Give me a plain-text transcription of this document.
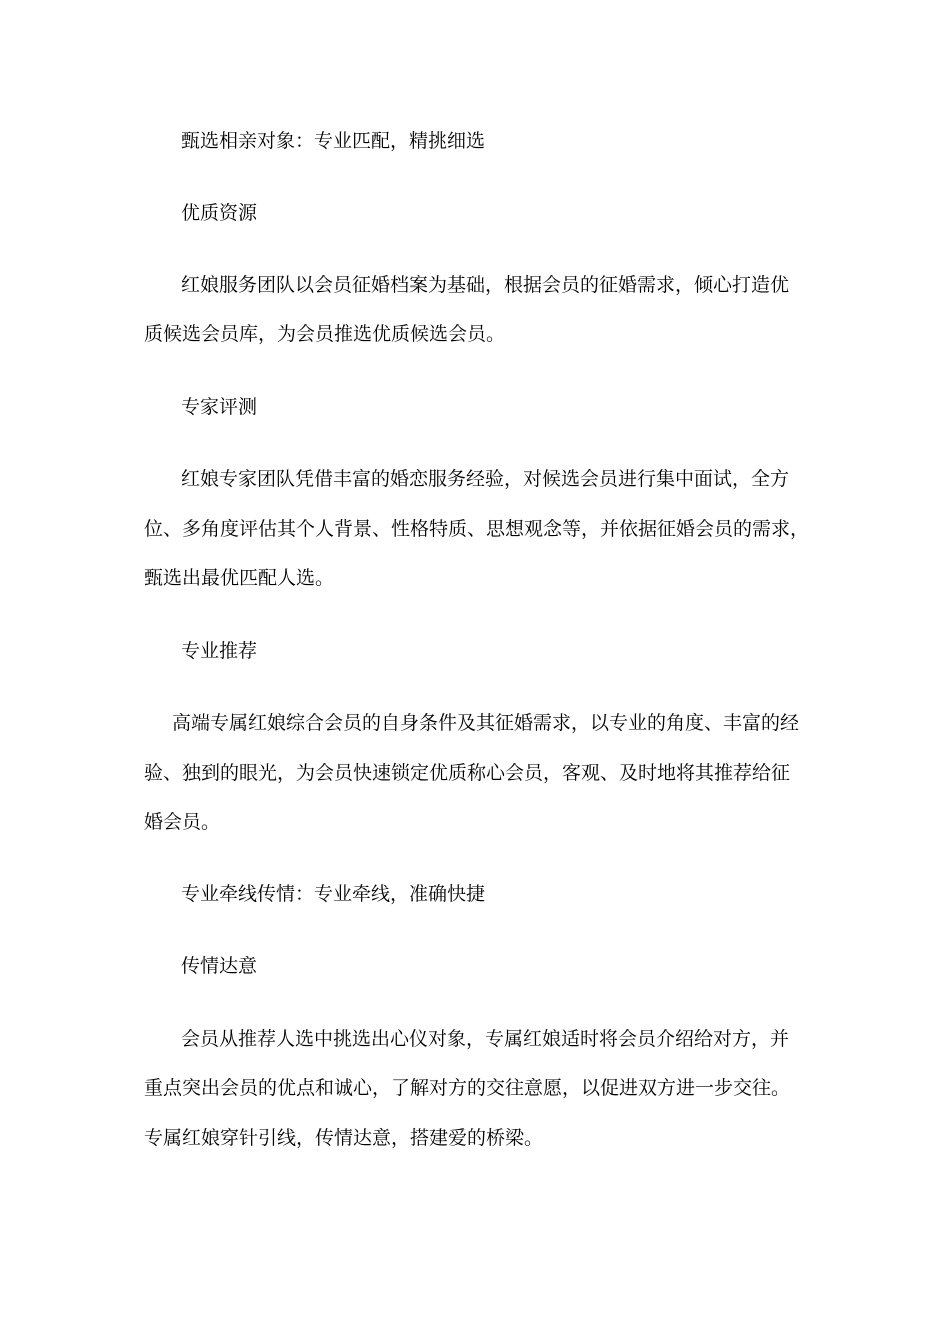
甄选相亲对象：专业匹配，精挑细选
优质资源
红娘服务团队以会员征婚档案为基础，根据会员的征婚需求，倾心打造优
质候选会员库，为会员推选优质候选会员。
专家评测
红娘专家团队凭借丰富的婚恋服务经验，对候选会员进行集中面试，全方
位、多角度评估其个人背景、性格特质、思想观念等，并依据征婚会员的需求，
甄选出最优匹配人选。
专业推荐
高端专属红娘综合会员的自身条件及其征婚需求，以专业的角度、丰富的经
验、独到的眼光，为会员快速锁定优质称心会员，客观、及时地将其推荐给征
婚会员。
专业牵线传情：专业牵线，准确快捷
传情达意
会员从推荐人选中挑选出心仪对象，专属红娘适时将会员介绍给对方，并
重点突出会员的优点和诚心，了解对方的交往意愿，以促进双方进一步交往。
专属红娘穿针引线，传情达意，搭建爱的桥梁。
